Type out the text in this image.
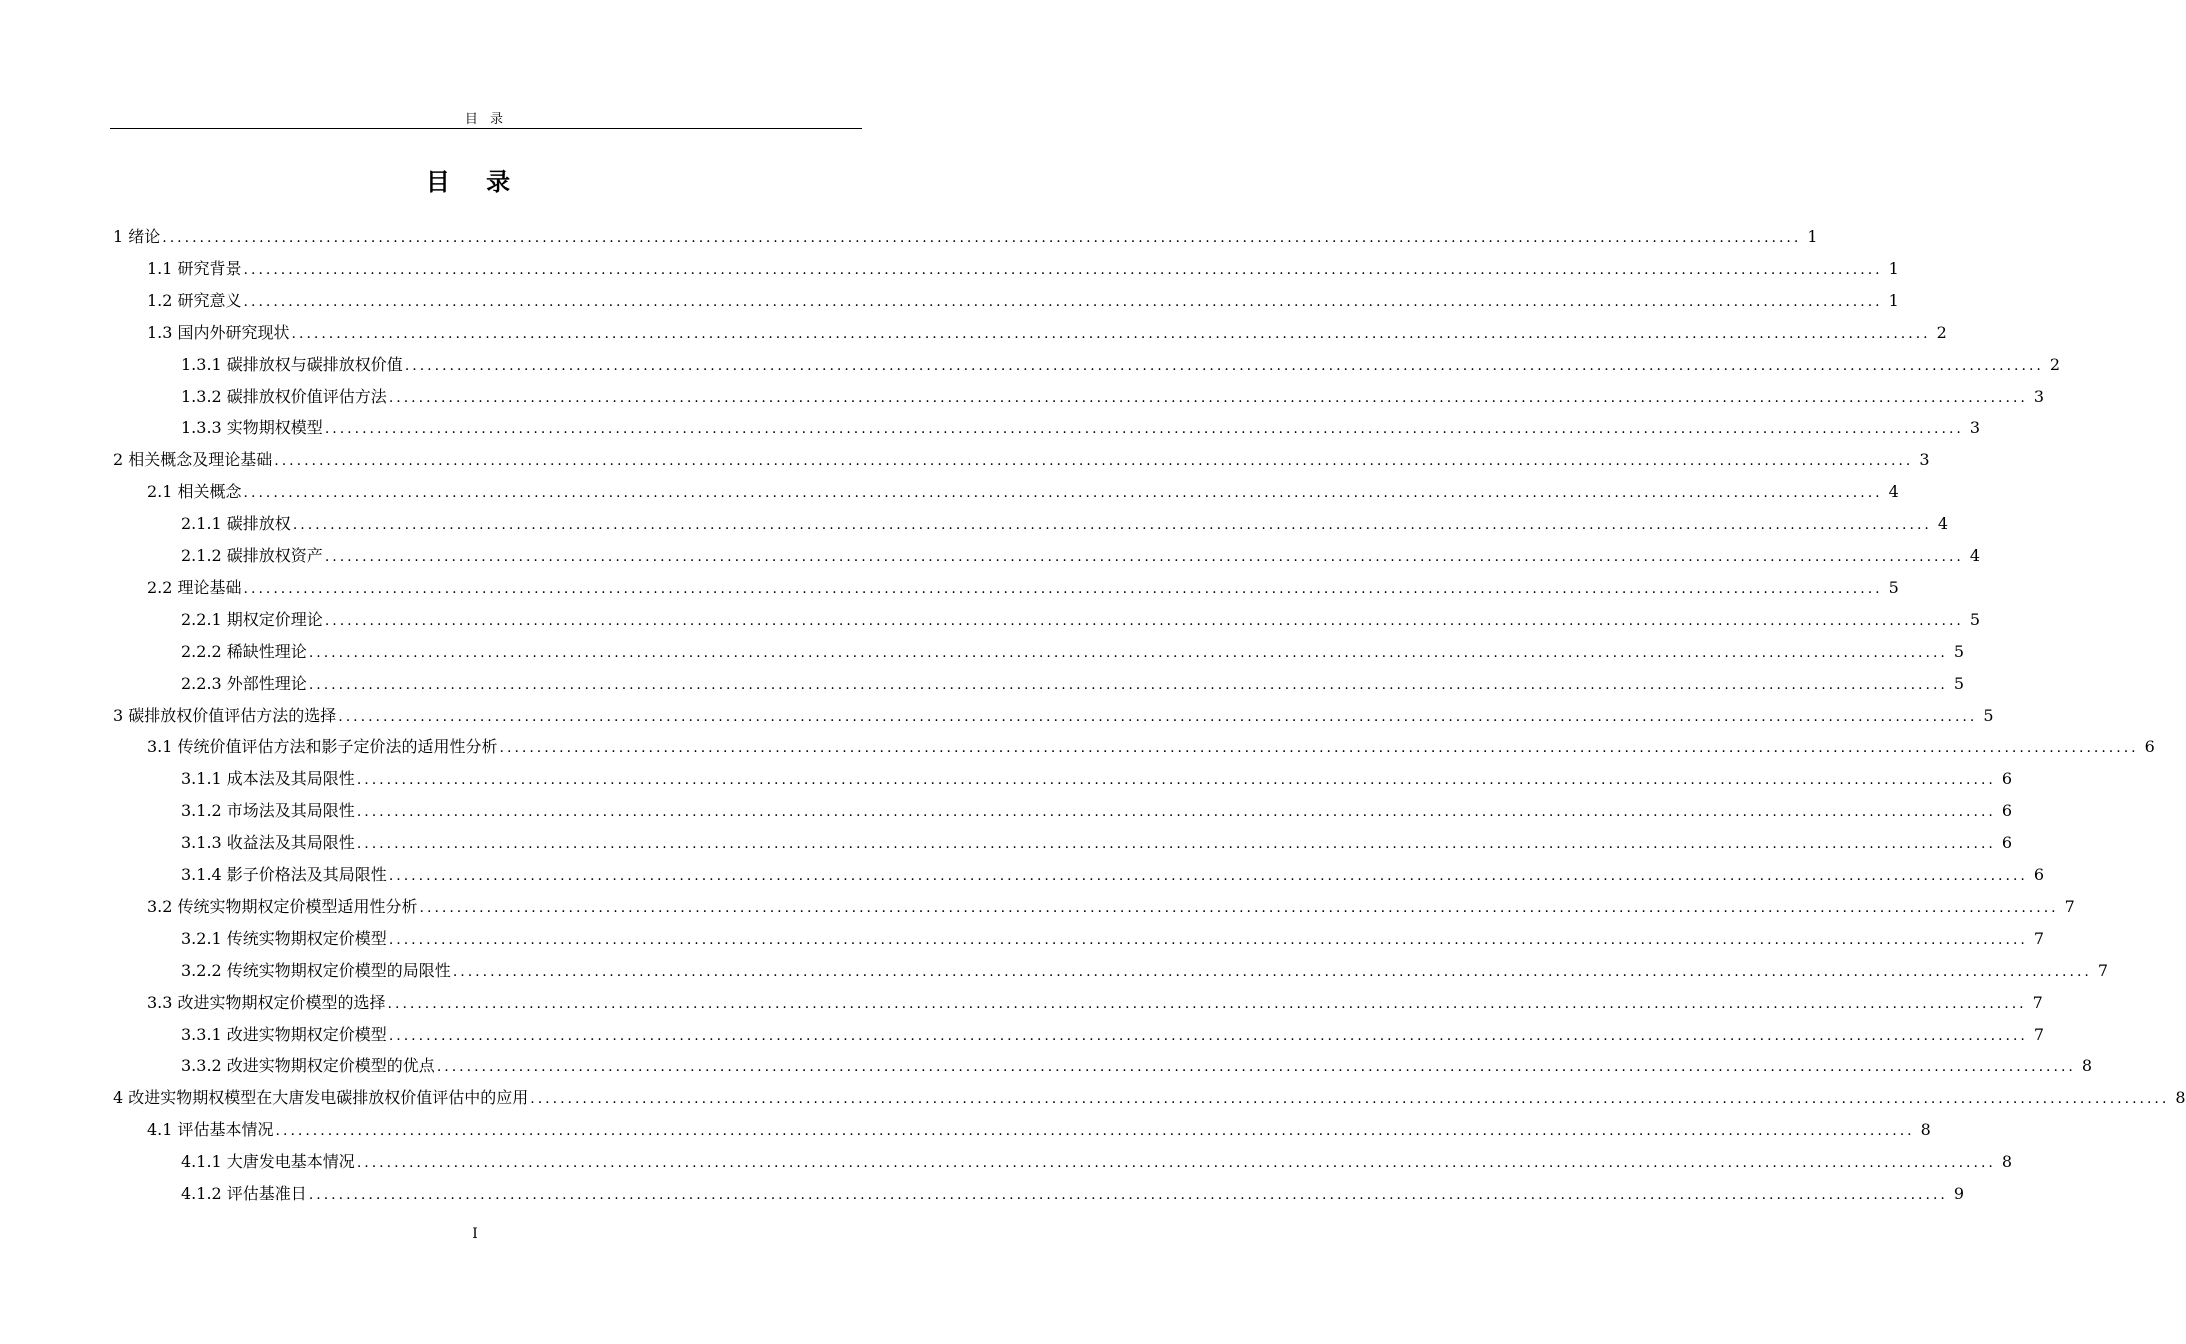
目 录
目 录
1 绪论 ............................................................................................................................................................................................................................ 1
1.1 研究背景 ............................................................................................................................................................................................................................ 1
1.2 研究意义 ............................................................................................................................................................................................................................ 1
1.3 国内外研究现状 ............................................................................................................................................................................................................................ 2
1.3.1 碳排放权与碳排放权价值 ............................................................................................................................................................................................................................ 2
1.3.2 碳排放权价值评估方法 ............................................................................................................................................................................................................................ 3
1.3.3 实物期权模型 ............................................................................................................................................................................................................................ 3
2 相关概念及理论基础 ............................................................................................................................................................................................................................ 3
2.1 相关概念 ............................................................................................................................................................................................................................ 4
2.1.1 碳排放权 ............................................................................................................................................................................................................................ 4
2.1.2 碳排放权资产 ............................................................................................................................................................................................................................ 4
2.2 理论基础 ............................................................................................................................................................................................................................ 5
2.2.1 期权定价理论 ............................................................................................................................................................................................................................ 5
2.2.2 稀缺性理论 ............................................................................................................................................................................................................................ 5
2.2.3 外部性理论 ............................................................................................................................................................................................................................ 5
3 碳排放权价值评估方法的选择 ............................................................................................................................................................................................................................ 5
3.1 传统价值评估方法和影子定价法的适用性分析 ............................................................................................................................................................................................................................ 6
3.1.1 成本法及其局限性 ............................................................................................................................................................................................................................ 6
3.1.2 市场法及其局限性 ............................................................................................................................................................................................................................ 6
3.1.3 收益法及其局限性 ............................................................................................................................................................................................................................ 6
3.1.4 影子价格法及其局限性 ............................................................................................................................................................................................................................ 6
3.2 传统实物期权定价模型适用性分析 ............................................................................................................................................................................................................................ 7
3.2.1 传统实物期权定价模型 ............................................................................................................................................................................................................................ 7
3.2.2 传统实物期权定价模型的局限性 ............................................................................................................................................................................................................................ 7
3.3 改进实物期权定价模型的选择 ............................................................................................................................................................................................................................ 7
3.3.1 改进实物期权定价模型 ............................................................................................................................................................................................................................ 7
3.3.2 改进实物期权定价模型的优点 ............................................................................................................................................................................................................................ 8
4 改进实物期权模型在大唐发电碳排放权价值评估中的应用 ............................................................................................................................................................................................................................ 8
4.1 评估基本情况 ............................................................................................................................................................................................................................ 8
4.1.1 大唐发电基本情况 ............................................................................................................................................................................................................................ 8
4.1.2 评估基准日 ............................................................................................................................................................................................................................ 9
I
